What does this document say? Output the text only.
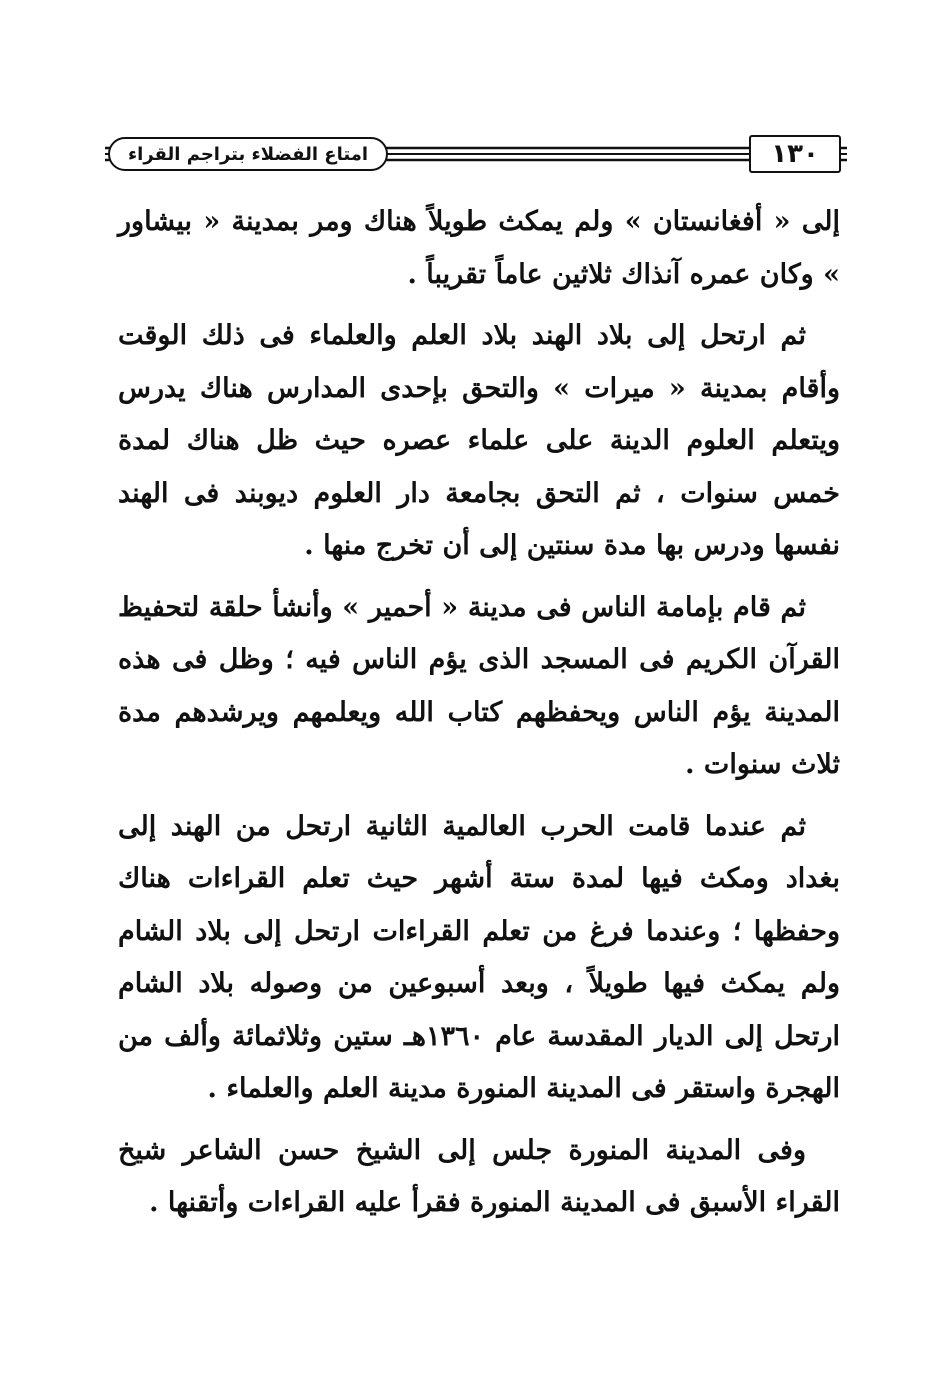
امتاع الفضلاء بتراجم القراء	١٣٠

إلى « أفغانستان » ولم يمكث طويلاً هناك ومر بمدينة « بيشاور » وكان عمره آنذاك ثلاثين عاماً تقريباً .

ثم ارتحل إلى بلاد الهند بلاد العلم والعلماء فى ذلك الوقت وأقام بمدينة « ميرات » والتحق بإحدى المدارس هناك يدرس ويتعلم العلوم الدينة على علماء عصره حيث ظل هناك لمدة خمس سنوات ، ثم التحق بجامعة دار العلوم ديوبند فى الهند نفسها ودرس بها مدة سنتين إلى أن تخرج منها .

ثم قام بإمامة الناس فى مدينة « أحمير » وأنشأ حلقة لتحفيظ القرآن الكريم فى المسجد الذى يؤم الناس فيه ؛ وظل فى هذه المدينة يؤم الناس ويحفظهم كتاب الله ويعلمهم ويرشدهم مدة ثلاث سنوات .

ثم عندما قامت الحرب العالمية الثانية ارتحل من الهند إلى بغداد ومكث فيها لمدة ستة أشهر حيث تعلم القراءات هناك وحفظها ؛ وعندما فرغ من تعلم القراءات ارتحل إلى بلاد الشام ولم يمكث فيها طويلاً ، وبعد أسبوعين من وصوله بلاد الشام ارتحل إلى الديار المقدسة عام ١٣٦٠هـ ستين وثلاثمائة وألف من الهجرة واستقر فى المدينة المنورة مدينة العلم والعلماء .

وفى المدينة المنورة جلس إلى الشيخ حسن الشاعر شيخ القراء الأسبق فى المدينة المنورة فقرأ عليه القراءات وأتقنها .
